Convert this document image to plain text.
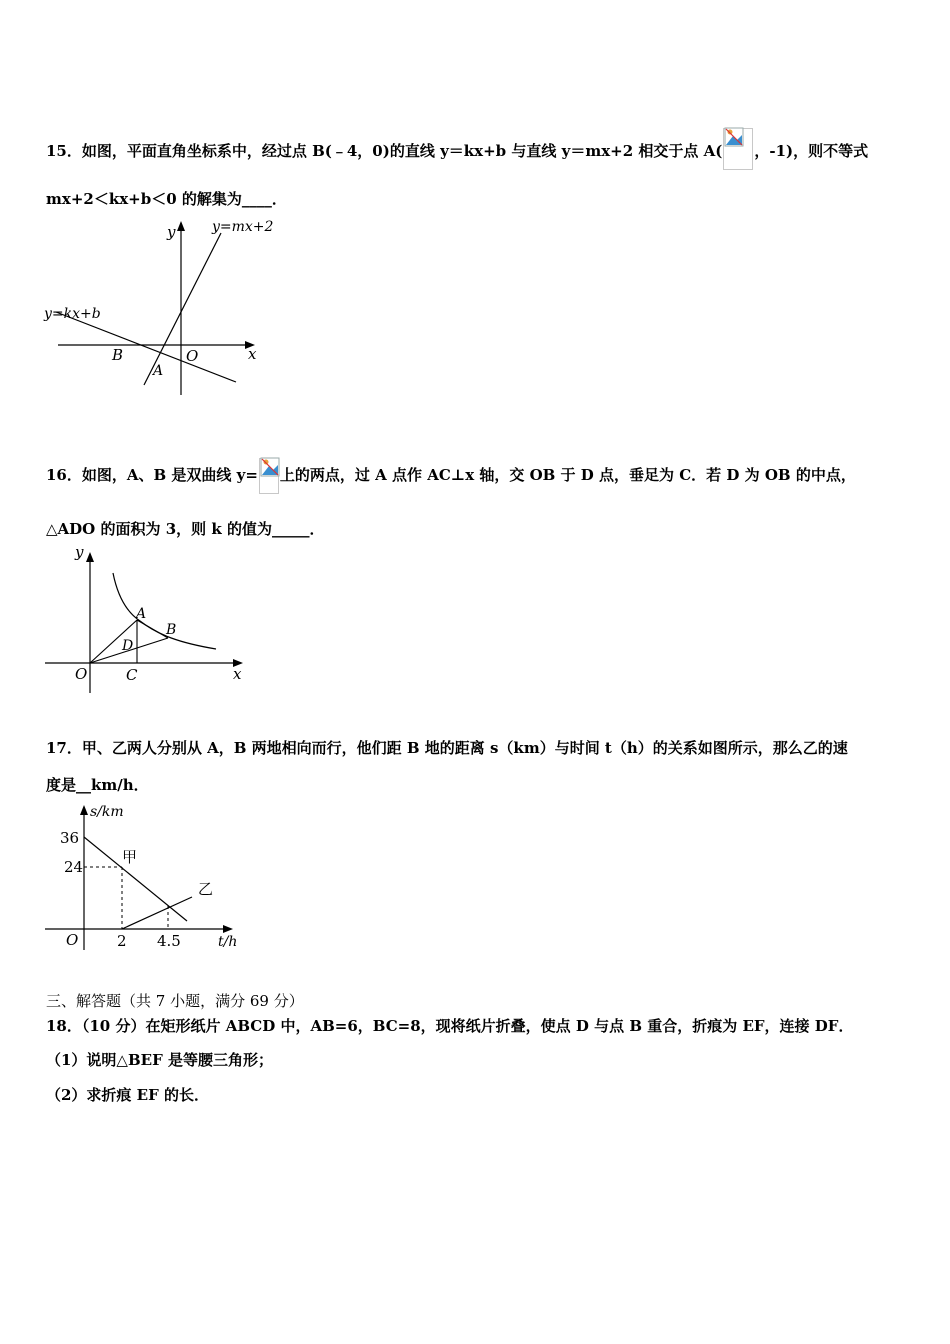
15．如图，平面直角坐标系中，经过点 B(﹣4，0)的直线 y＝kx+b 与直线 y＝mx+2 相交于点 A( ，-1)，则不等式
mx+2＜kx+b＜0 的解集为____．
y
x
y=mx+2
y=kx+b
B	O
A
16．如图，A、B 是双曲线 y= 上的两点，过 A 点作 AC⊥x 轴，交 OB 于 D 点，垂足为 C．若 D 为 OB 的中点，
△ADO 的面积为 3，则 k 的值为_____．
y
x
O	C
A
B
D
17．甲、乙两人分别从 A，B 两地相向而行，他们距 B 地的距离 s（km）与时间 t（h）的关系如图所示，那么乙的速
度是__km/h．
s/km
t/h
36
24
O	2 4.5
甲
乙
三、解答题（共 7 小题，满分 69 分）
18．（10 分）在矩形纸片 ABCD 中，AB=6，BC=8，现将纸片折叠，使点 D 与点 B 重合，折痕为 EF，连接 DF．
（1）说明△BEF 是等腰三角形；
（2）求折痕 EF 的长．
